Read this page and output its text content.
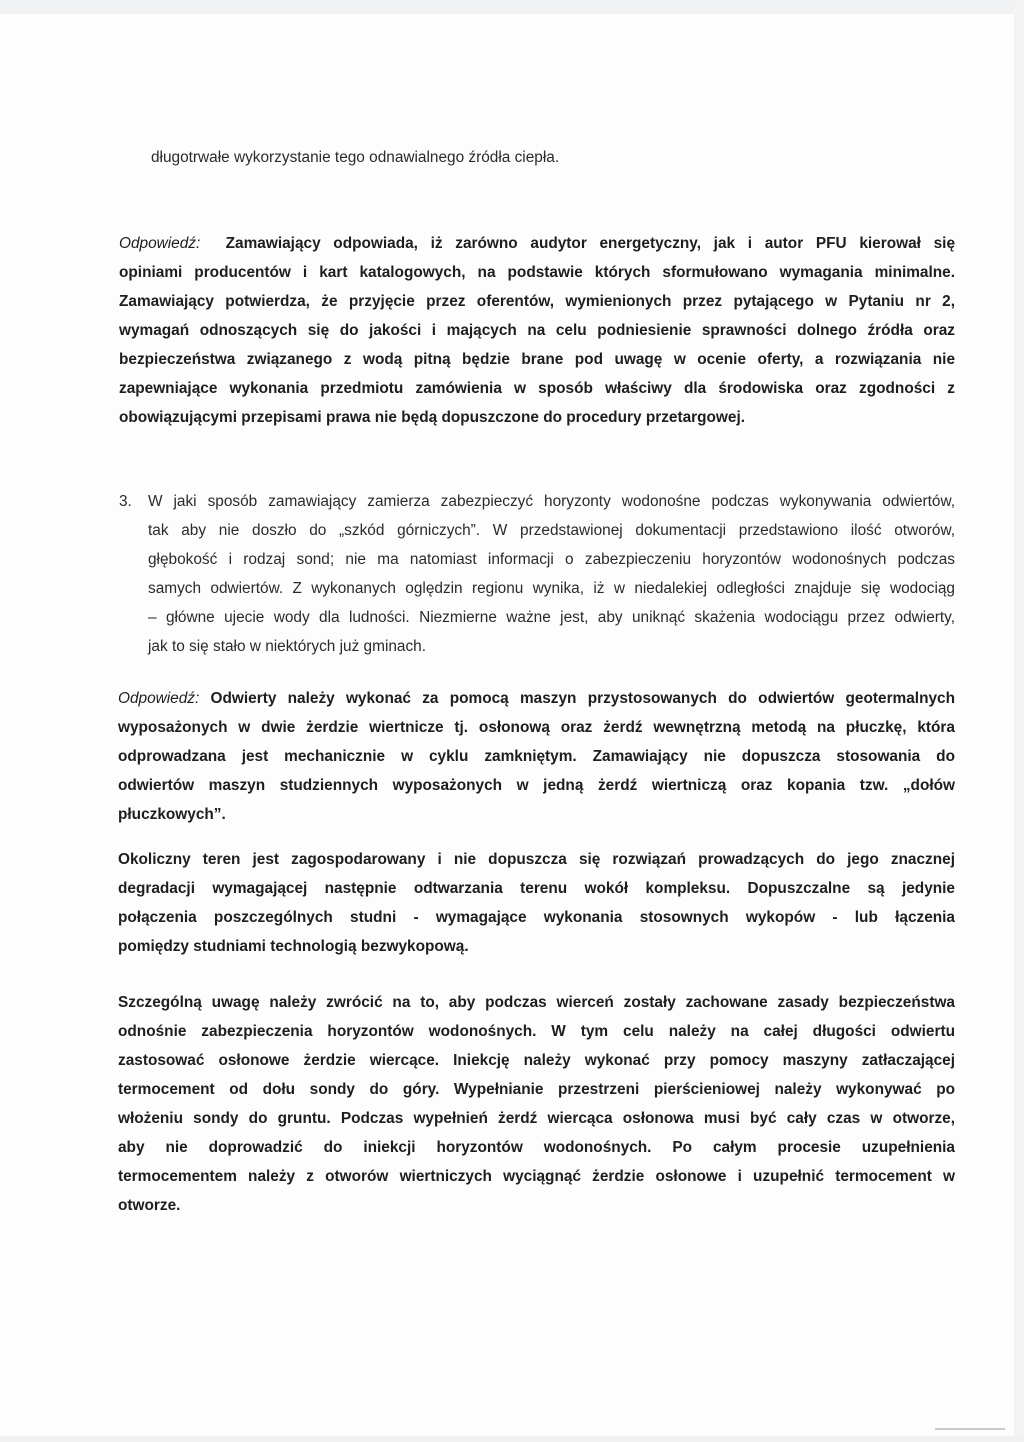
długotrwałe wykorzystanie tego odnawialnego źródła ciepła.
Odpowiedź: Zamawiający odpowiada, iż zarówno audytor energetyczny, jak i autor PFU kierował się
opiniami producentów i kart katalogowych, na podstawie których sformułowano wymagania minimalne.
Zamawiający potwierdza, że przyjęcie przez oferentów, wymienionych przez pytającego w Pytaniu nr 2,
wymagań odnoszących się do jakości i mających na celu podniesienie sprawności dolnego źródła oraz
bezpieczeństwa związanego z wodą pitną będzie brane pod uwagę w ocenie oferty, a rozwiązania nie
zapewniające wykonania przedmiotu zamówienia w sposób właściwy dla środowiska oraz zgodności z
obowiązującymi przepisami prawa nie będą dopuszczone do procedury przetargowej.
3. W jaki sposób zamawiający zamierza zabezpieczyć horyzonty wodonośne podczas wykonywania odwiertów,
tak aby nie doszło do „szkód górniczych”. W przedstawionej dokumentacji przedstawiono ilość otworów,
głębokość i rodzaj sond; nie ma natomiast informacji o zabezpieczeniu horyzontów wodonośnych podczas
samych odwiertów. Z wykonanych oględzin regionu wynika, iż w niedalekiej odległości znajduje się wodociąg
– główne ujecie wody dla ludności. Niezmierne ważne jest, aby uniknąć skażenia wodociągu przez odwierty,
jak to się stało w niektórych już gminach.
Odpowiedź: Odwierty należy wykonać za pomocą maszyn przystosowanych do odwiertów geotermalnych
wyposażonych w dwie żerdzie wiertnicze tj. osłonową oraz żerdź wewnętrzną metodą na płuczkę, która
odprowadzana jest mechanicznie w cyklu zamkniętym. Zamawiający nie dopuszcza stosowania do
odwiertów maszyn studziennych wyposażonych w jedną żerdź wiertniczą oraz kopania tzw. „dołów
płuczkowych”.
Okoliczny teren jest zagospodarowany i nie dopuszcza się rozwiązań prowadzących do jego znacznej
degradacji wymagającej następnie odtwarzania terenu wokół kompleksu. Dopuszczalne są jedynie
połączenia poszczególnych studni - wymagające wykonania stosownych wykopów - lub łączenia
pomiędzy studniami technologią bezwykopową.
Szczególną uwagę należy zwrócić na to, aby podczas wierceń zostały zachowane zasady bezpieczeństwa
odnośnie zabezpieczenia horyzontów wodonośnych. W tym celu należy na całej długości odwiertu
zastosować osłonowe żerdzie wiercące. Iniekcję należy wykonać przy pomocy maszyny zatłaczającej
termocement od dołu sondy do góry. Wypełnianie przestrzeni pierścieniowej należy wykonywać po
włożeniu sondy do gruntu. Podczas wypełnień żerdź wiercąca osłonowa musi być cały czas w otworze,
aby nie doprowadzić do iniekcji horyzontów wodonośnych. Po całym procesie uzupełnienia
termocementem należy z otworów wiertniczych wyciągnąć żerdzie osłonowe i uzupełnić termocement w
otworze.
